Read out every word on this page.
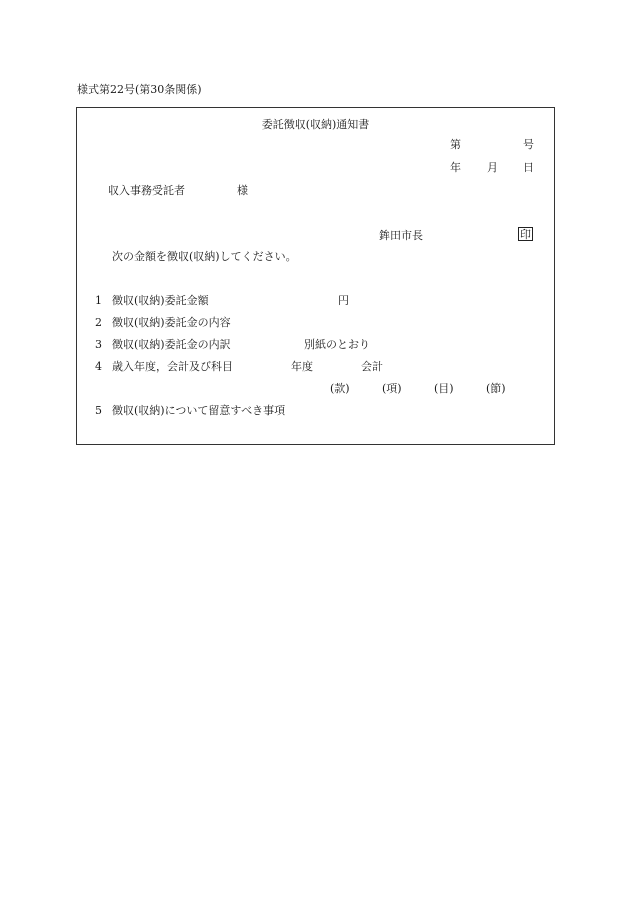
様式第22号(第30条関係)
委託徴収(収納)通知書
第	号
年 月 日
収入事務受託者	様
鉾田市長	印
次の金額を徴収(収納)してください。
1 徴収(収納)委託金額	円
2 徴収(収納)委託金の内容
3 徴収(収納)委託金の内訳	別紙のとおり
4 歳入年度，会計及び科目	年度	会計
(款)	(項)	(目)	(節)
5 徴収(収納)について留意すべき事項
